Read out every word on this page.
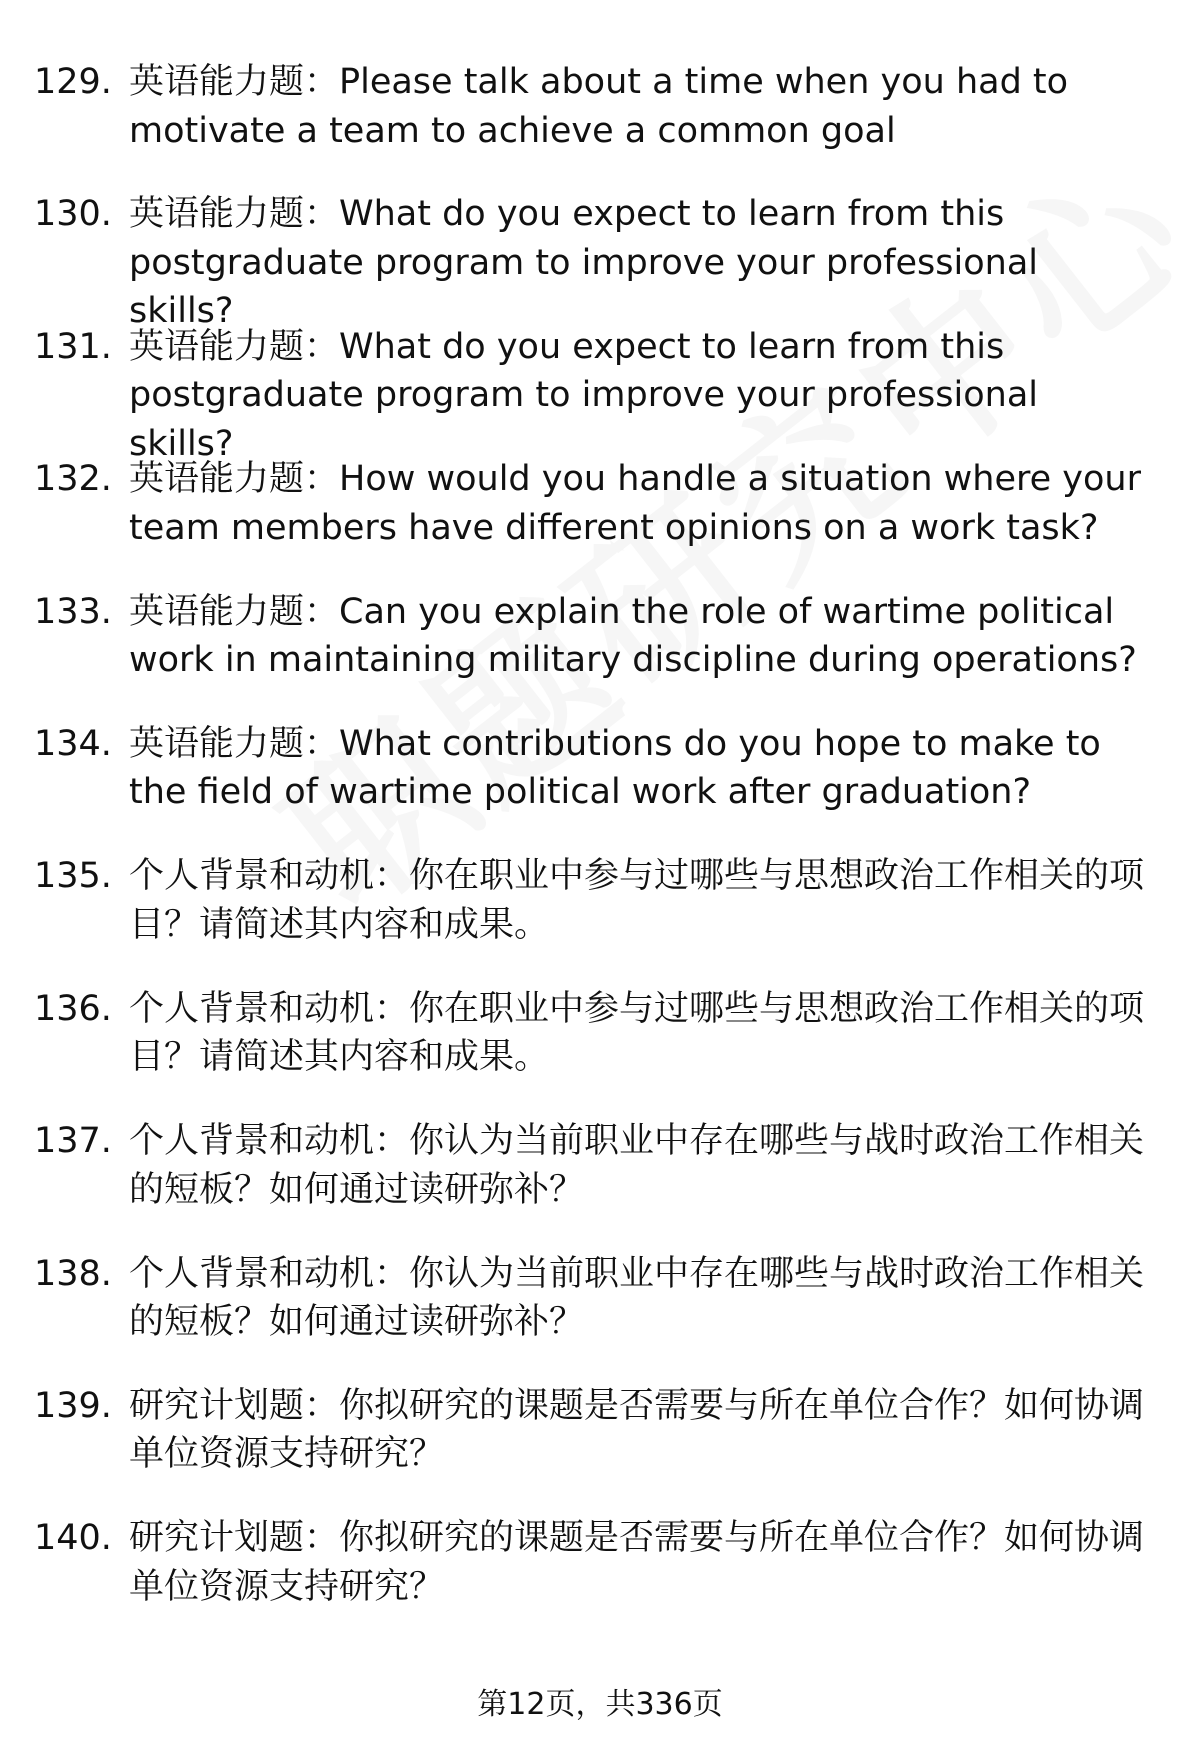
129. 英语能力题：Please talk about a time when you had to motivate a team to achieve a common goal
130. 英语能力题：What do you expect to learn from this postgraduate program to improve your professional skills?
131. 英语能力题：What do you expect to learn from this postgraduate program to improve your professional skills?
132. 英语能力题：How would you handle a situation where your team members have different opinions on a work task?
133. 英语能力题：Can you explain the role of wartime political work in maintaining military discipline during operations?
134. 英语能力题：What contributions do you hope to make to the field of wartime political work after graduation?
135. 个人背景和动机：你在职业中参与过哪些与思想政治工作相关的项目？请简述其内容和成果。
136. 个人背景和动机：你在职业中参与过哪些与思想政治工作相关的项目？请简述其内容和成果。
137. 个人背景和动机：你认为当前职业中存在哪些与战时政治工作相关的短板？如何通过读研弥补？
138. 个人背景和动机：你认为当前职业中存在哪些与战时政治工作相关的短板？如何通过读研弥补？
139. 研究计划题：你拟研究的课题是否需要与所在单位合作？如何协调单位资源支持研究？
140. 研究计划题：你拟研究的课题是否需要与所在单位合作？如何协调单位资源支持研究？
第12页，共336页
